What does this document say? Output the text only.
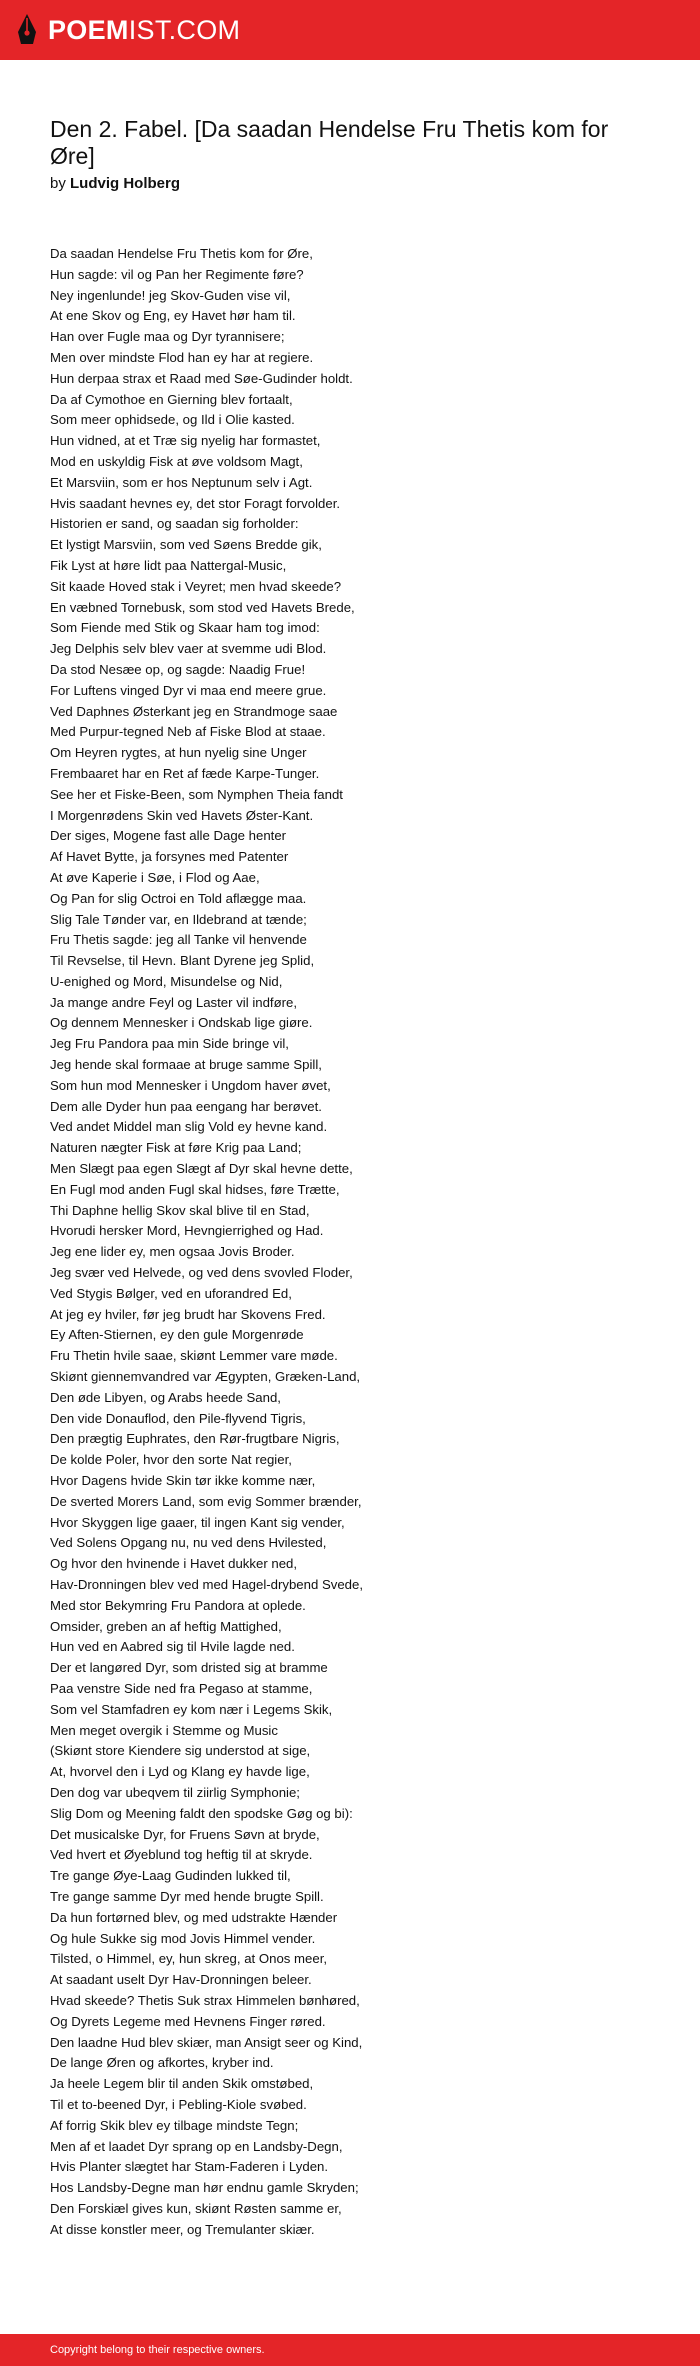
POEMIST.COM
Den 2. Fabel. [Da saadan Hendelse Fru Thetis kom for Øre]
by Ludvig Holberg
Da saadan Hendelse Fru Thetis kom for Øre,
Hun sagde: vil og Pan her Regimente føre?
Ney ingenlunde! jeg Skov-Guden vise vil,
At ene Skov og Eng, ey Havet hør ham til.
Han over Fugle maa og Dyr tyrannisere;
Men over mindste Flod han ey har at regiere.
Hun derpaa strax et Raad med Søe-Gudinder holdt.
Da af Cymothoe en Gierning blev fortaalt,
Som meer ophidsede, og Ild i Olie kasted.
Hun vidned, at et Træ sig nyelig har formastet,
Mod en uskyldig Fisk at øve voldsom Magt,
Et Marsviin, som er hos Neptunum selv i Agt.
Hvis saadant hevnes ey, det stor Foragt forvolder.
Historien er sand, og saadan sig forholder:
Et lystigt Marsviin, som ved Søens Bredde gik,
Fik Lyst at høre lidt paa Nattergal-Music,
Sit kaade Hoved stak i Veyret; men hvad skeede?
En væbned Tornebusk, som stod ved Havets Brede,
Som Fiende med Stik og Skaar ham tog imod:
Jeg Delphis selv blev vaer at svemme udi Blod.
Da stod Nesæe op, og sagde: Naadig Frue!
For Luftens vinged Dyr vi maa end meere grue.
Ved Daphnes Østerkant jeg en Strandmoge saae
Med Purpur-tegned Neb af Fiske Blod at staae.
Om Heyren rygtes, at hun nyelig sine Unger
Frembaaret har en Ret af fæde Karpe-Tunger.
See her et Fiske-Been, som Nymphen Theia fandt
I Morgenrødens Skin ved Havets Øster-Kant.
Der siges, Mogene fast alle Dage henter
Af Havet Bytte, ja forsynes med Patenter
At øve Kaperie i Søe, i Flod og Aae,
Og Pan for slig Octroi en Told aflægge maa.
Slig Tale Tønder var, en Ildebrand at tænde;
Fru Thetis sagde: jeg all Tanke vil henvende
Til Revselse, til Hevn. Blant Dyrene jeg Splid,
U-enighed og Mord, Misundelse og Nid,
Ja mange andre Feyl og Laster vil indføre,
Og dennem Mennesker i Ondskab lige giøre.
Jeg Fru Pandora paa min Side bringe vil,
Jeg hende skal formaae at bruge samme Spill,
Som hun mod Mennesker i Ungdom haver øvet,
Dem alle Dyder hun paa eengang har berøvet.
Ved andet Middel man slig Vold ey hevne kand.
Naturen nægter Fisk at føre Krig paa Land;
Men Slægt paa egen Slægt af Dyr skal hevne dette,
En Fugl mod anden Fugl skal hidses, føre Trætte,
Thi Daphne hellig Skov skal blive til en Stad,
Hvorudi hersker Mord, Hevngierrighed og Had.
Jeg ene lider ey, men ogsaa Jovis Broder.
Jeg svær ved Helvede, og ved dens svovled Floder,
Ved Stygis Bølger, ved en uforandred Ed,
At jeg ey hviler, før jeg brudt har Skovens Fred.
Ey Aften-Stiernen, ey den gule Morgenrøde
Fru Thetin hvile saae, skiønt Lemmer vare møde.
Skiønt giennemvandred var Ægypten, Græken-Land,
Den øde Libyen, og Arabs heede Sand,
Den vide Donauflod, den Pile-flyvend Tigris,
Den prægtig Euphrates, den Rør-frugtbare Nigris,
De kolde Poler, hvor den sorte Nat regier,
Hvor Dagens hvide Skin tør ikke komme nær,
De sverted Morers Land, som evig Sommer brænder,
Hvor Skyggen lige gaaer, til ingen Kant sig vender,
Ved Solens Opgang nu, nu ved dens Hvilested,
Og hvor den hvinende i Havet dukker ned,
Hav-Dronningen blev ved med Hagel-drybend Svede,
Med stor Bekymring Fru Pandora at oplede.
Omsider, greben an af heftig Mattighed,
Hun ved en Aabred sig til Hvile lagde ned.
Der et langøred Dyr, som dristed sig at bramme
Paa venstre Side ned fra Pegaso at stamme,
Som vel Stamfadren ey kom nær i Legems Skik,
Men meget overgik i Stemme og Music
(Skiønt store Kiendere sig understod at sige,
At, hvorvel den i Lyd og Klang ey havde lige,
Den dog var ubeqvem til ziirlig Symphonie;
Slig Dom og Meening faldt den spodske Gøg og bi):
Det musicalske Dyr, for Fruens Søvn at bryde,
Ved hvert et Øyeblund tog heftig til at skryde.
Tre gange Øye-Laag Gudinden lukked til,
Tre gange samme Dyr med hende brugte Spill.
Da hun fortørned blev, og med udstrakte Hænder
Og hule Sukke sig mod Jovis Himmel vender.
Tilsted, o Himmel, ey, hun skreg, at Onos meer,
At saadant uselt Dyr Hav-Dronningen beleer.
Hvad skeede? Thetis Suk strax Himmelen bønhøred,
Og Dyrets Legeme med Hevnens Finger røred.
Den laadne Hud blev skiær, man Ansigt seer og Kind,
De lange Øren og afkortes, kryber ind.
Ja heele Legem blir til anden Skik omstøbed,
Til et to-beened Dyr, i Pebling-Kiole svøbed.
Af forrig Skik blev ey tilbage mindste Tegn;
Men af et laadet Dyr sprang op en Landsby-Degn,
Hvis Planter slægtet har Stam-Faderen i Lyden.
Hos Landsby-Degne man hør endnu gamle Skryden;
Den Forskiæl gives kun, skiønt Røsten samme er,
At disse konstler meer, og Tremulanter skiær.
Copyright belong to their respective owners.
